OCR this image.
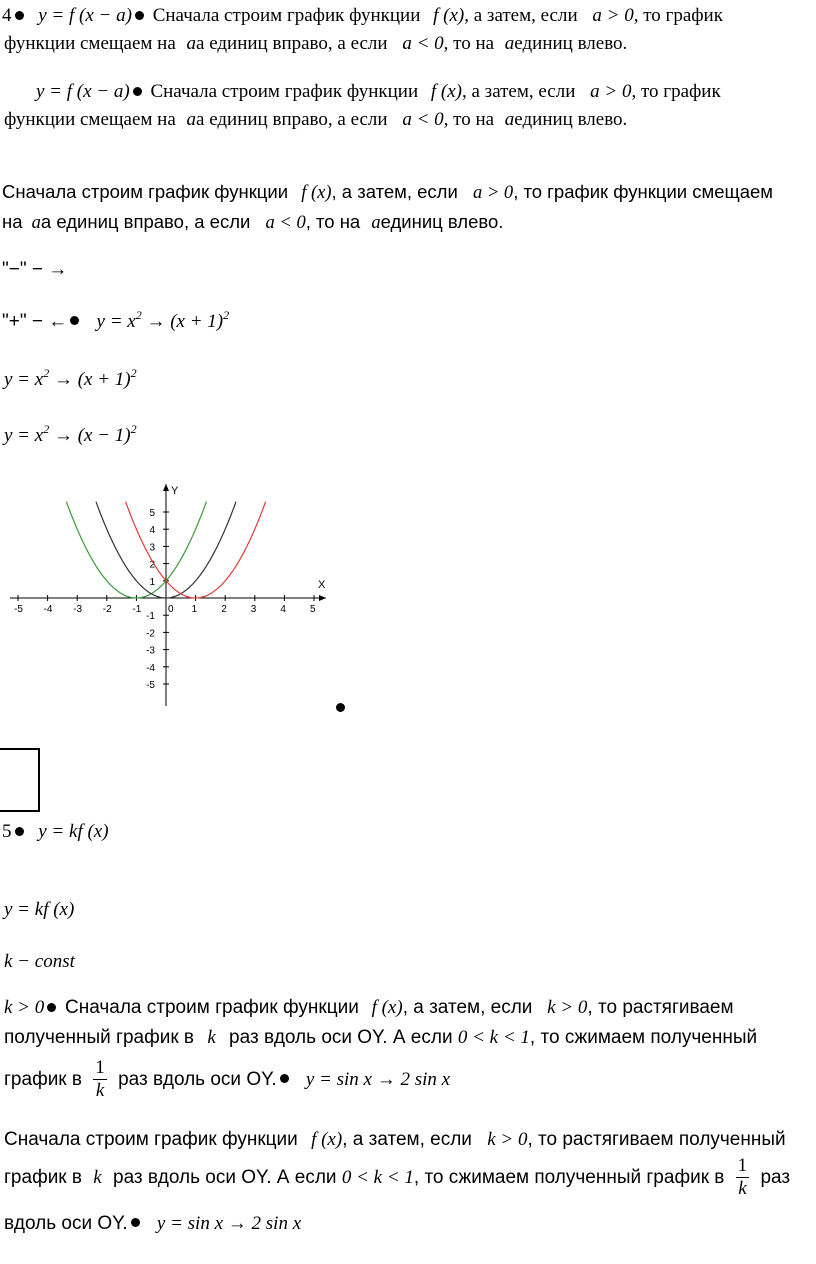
4 y = f (x − a) Сначала строим график функции f (x), а затем, если a > 0, то график
функции смещаем на aа единиц вправо, а если a < 0, то на aединиц влево.
y = f (x − a) Сначала строим график функции f (x), а затем, если a > 0, то график
функции смещаем на aа единиц вправо, а если a < 0, то на aединиц влево.
Сначала строим график функции f (x), а затем, если a > 0, то график функции смещаем
на aа единиц вправо, а если a < 0, то на aединиц влево.
"−" − →
"+" − ← $y = x^2 \to (x + 1)^2$
$y = x^2 \to (x + 1)^2$
$y = x^2 \to (x - 1)^2$
X
Y
-5 -4 -3 -2 -1	0 1 2 3 4 5
5
4
3
2
1
-1
-2
-3
-4
-5
5 y = kf (x)
y = kf (x)
k − const
k > 0 Сначала строим график функции f (x), а затем, если k > 0, то растягиваем
полученный график в k раз вдоль оси OY. А если 0 < k < 1, то сжимаем полученный
график в $\frac{1}{k}$ раз вдоль оси OY. y = sin x → 2 sin x
Сначала строим график функции f (x), а затем, если k > 0, то растягиваем полученный
график в k раз вдоль оси OY. А если 0 < k < 1, то сжимаем полученный график в $\frac{1}{k}$ раз
вдоль оси OY. y = sin x → 2 sin x
